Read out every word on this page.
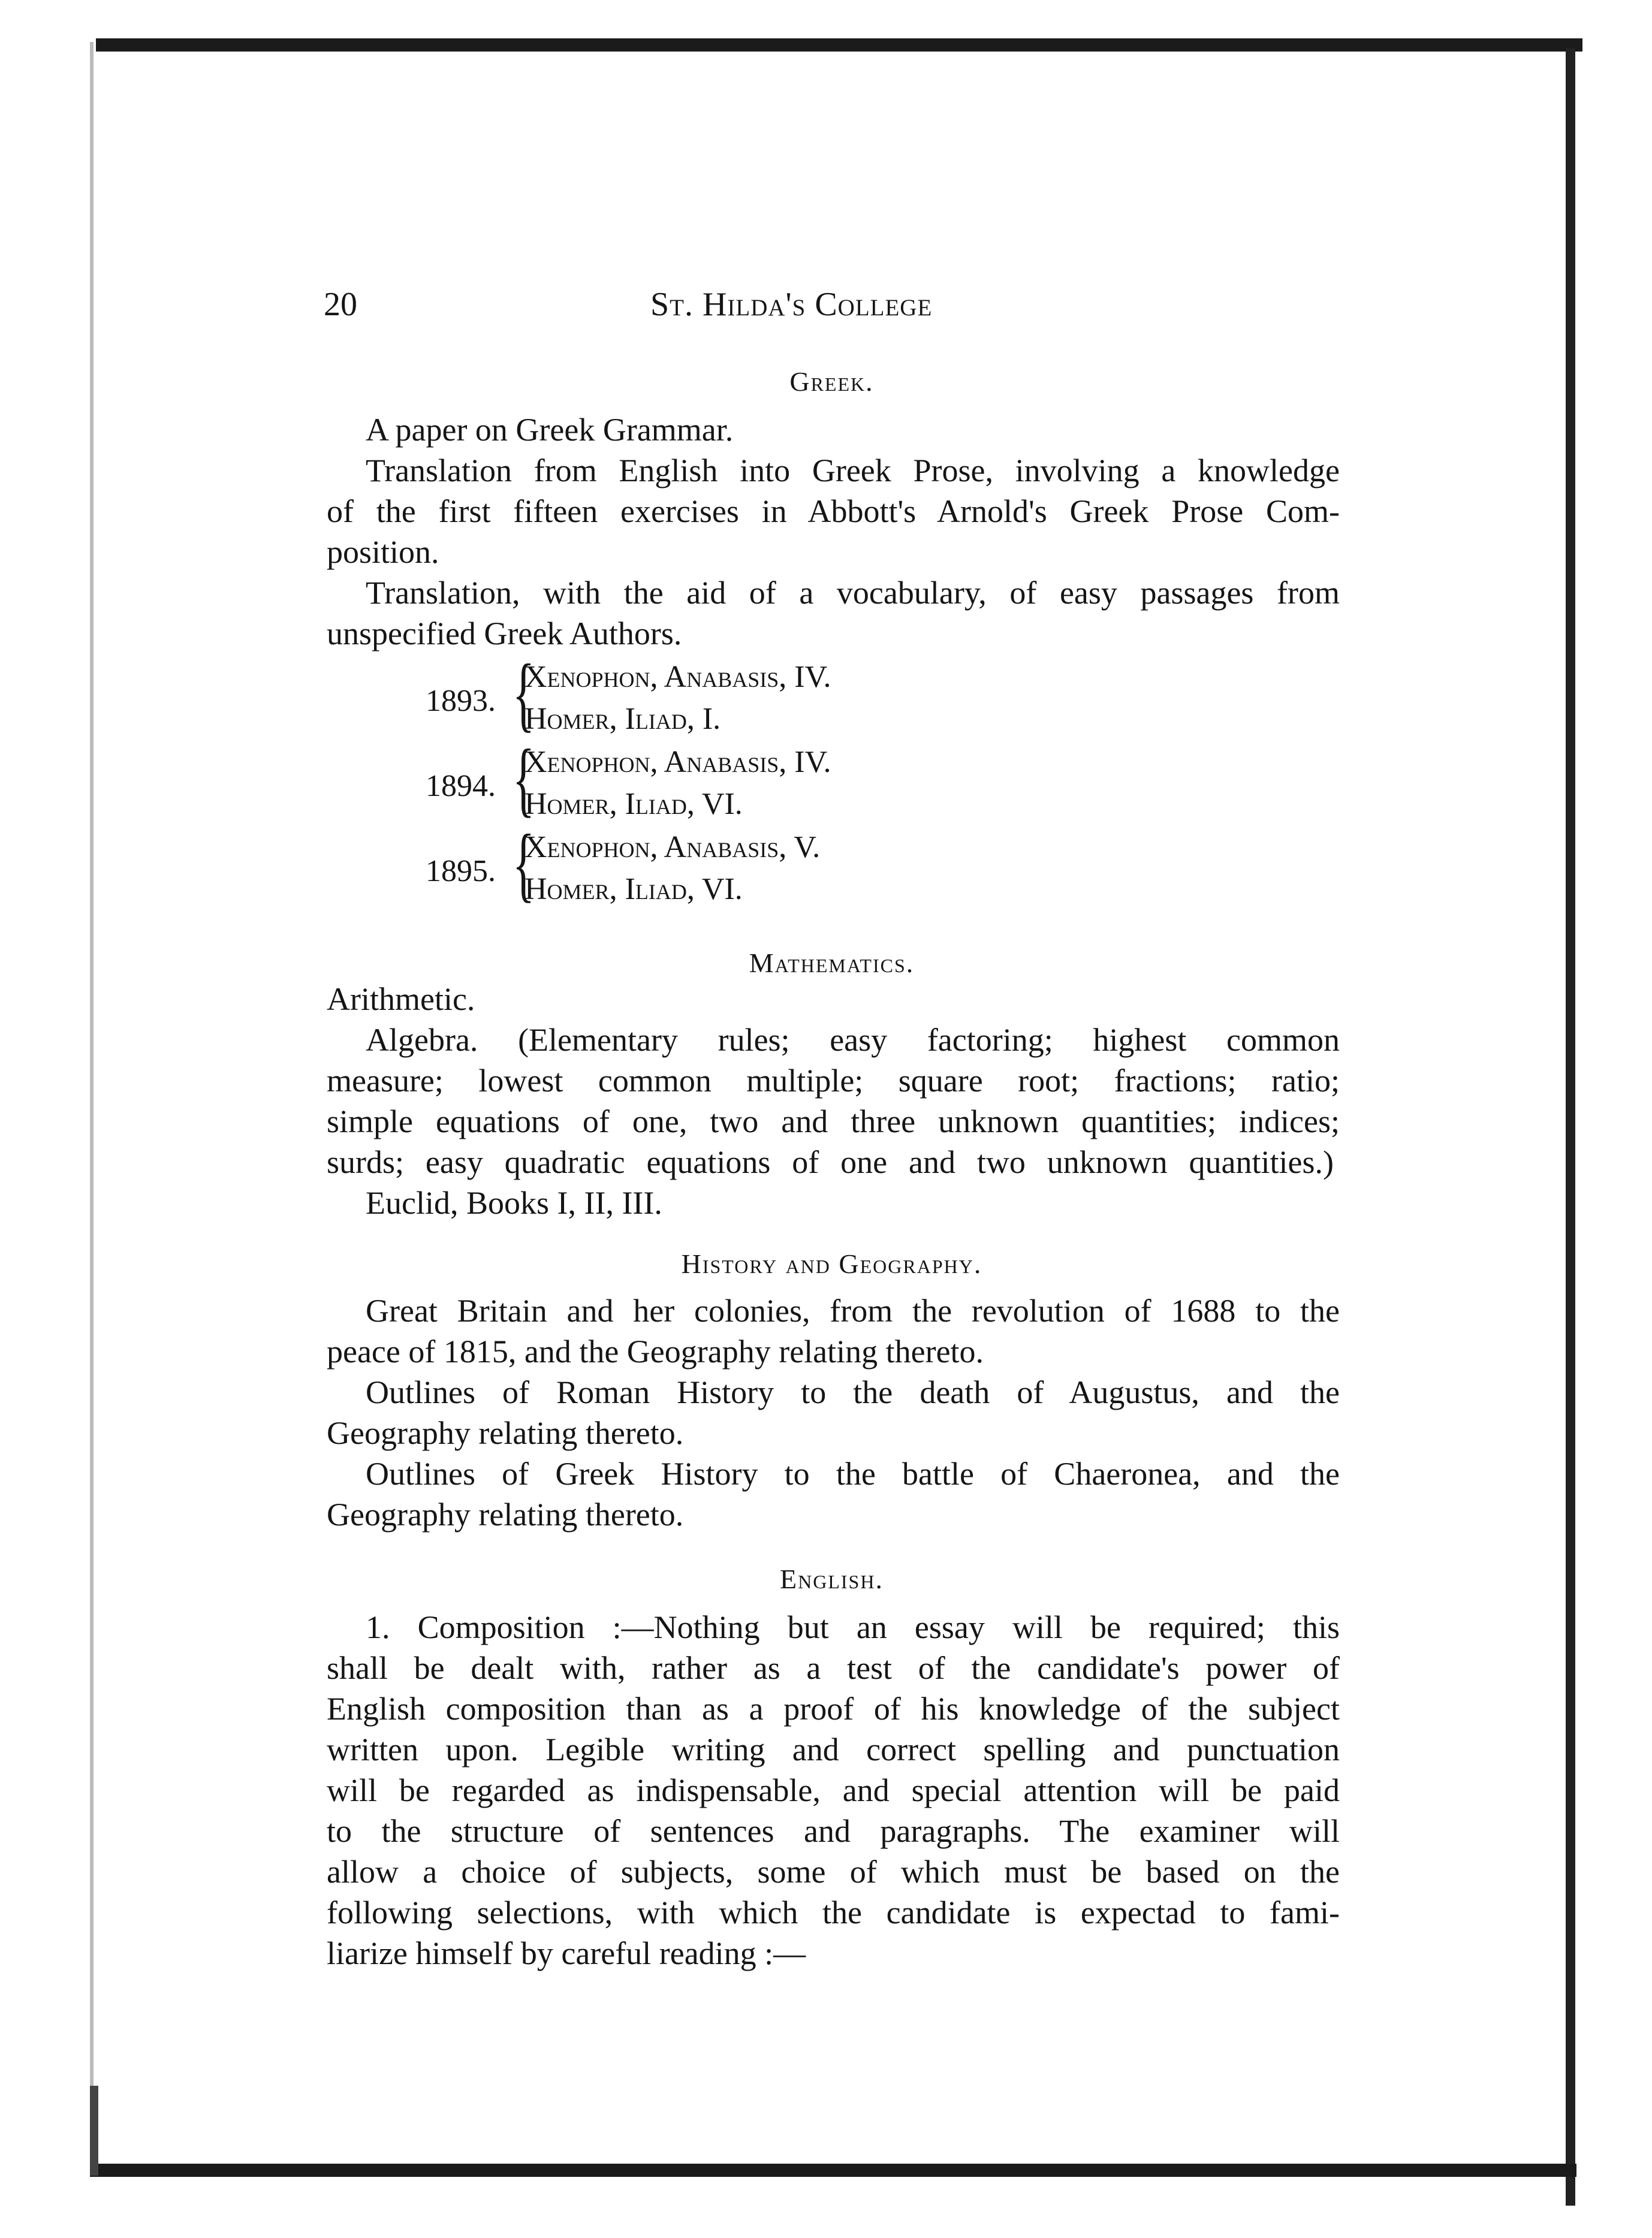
20	St. Hilda's College
Greek.
A paper on Greek Grammar.
Translation from English into Greek Prose, involving a knowledge
of the first fifteen exercises in Abbott's Arnold's Greek Prose Com-
position.
Translation, with the aid of a vocabulary, of easy passages from
unspecified Greek Authors.
1893. {
Xenophon, Anabasis, IV.
Homer, Iliad, I.
1894. {
Xenophon, Anabasis, IV.
Homer, Iliad, VI.
1895. {
Xenophon, Anabasis, V.
Homer, Iliad, VI.
Mathematics.
Arithmetic.
Algebra. (Elementary rules; easy factoring; highest common
measure; lowest common multiple; square root; fractions; ratio;
simple equations of one, two and three unknown quantities; indices;
surds; easy quadratic equations of one and two unknown quantities.)
Euclid, Books I, II, III.
History and Geography.
Great Britain and her colonies, from the revolution of 1688 to the
peace of 1815, and the Geography relating thereto.
Outlines of Roman History to the death of Augustus, and the
Geography relating thereto.
Outlines of Greek History to the battle of Chaeronea, and the
Geography relating thereto.
English.
1. Composition :—Nothing but an essay will be required; this
shall be dealt with, rather as a test of the candidate's power of
English composition than as a proof of his knowledge of the subject
written upon. Legible writing and correct spelling and punctuation
will be regarded as indispensable, and special attention will be paid
to the structure of sentences and paragraphs. The examiner will
allow a choice of subjects, some of which must be based on the
following selections, with which the candidate is expectad to fami-
liarize himself by careful reading :—
